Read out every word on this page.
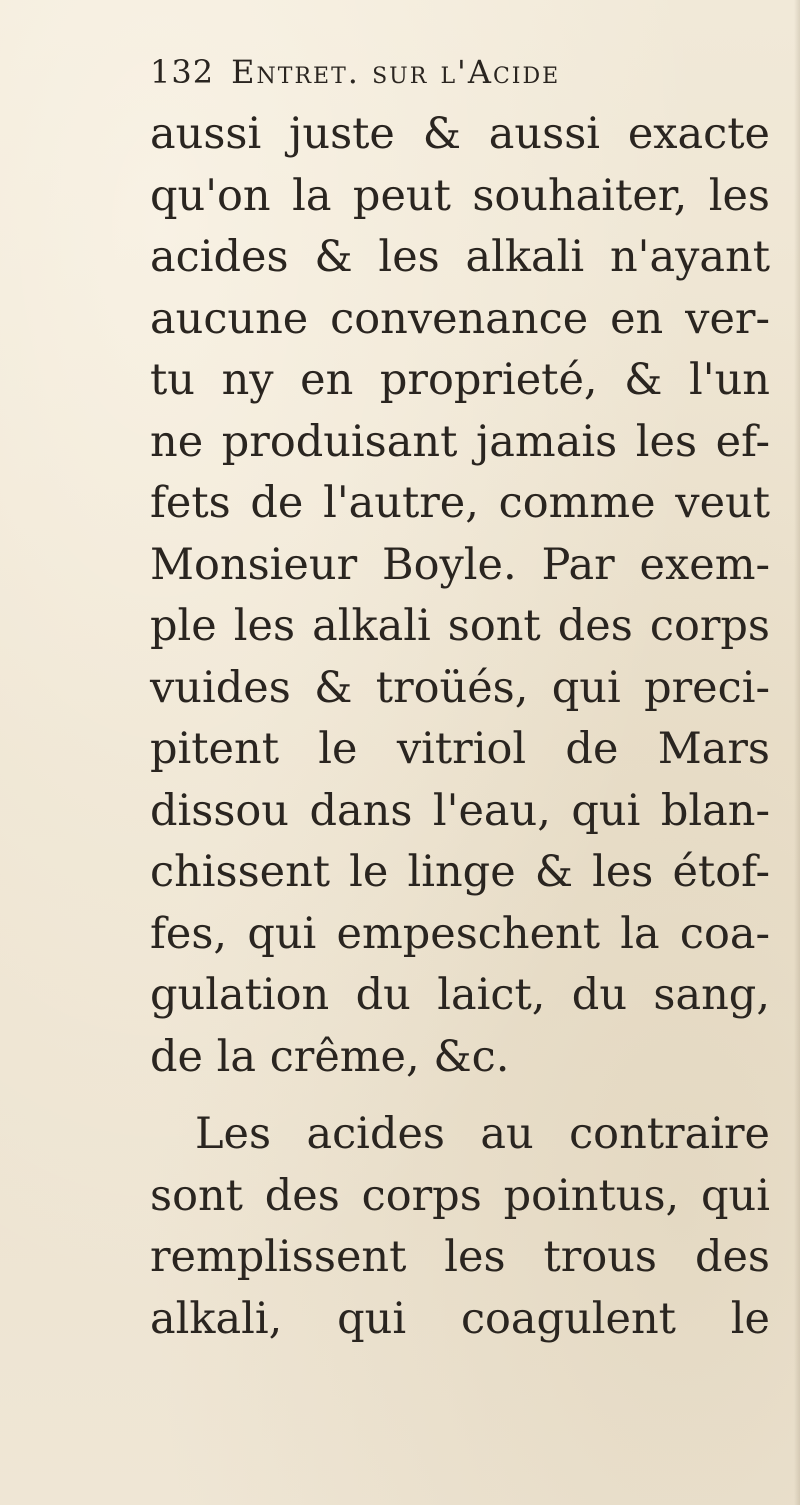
132 Entret. sur l'Acide
aussi juste & aussi exacte
qu'on la peut souhaiter, les
acides & les alkali n'ayant
aucune convenance en ver-
tu ny en proprieté, & l'un
ne produisant jamais les ef-
fets de l'autre, comme veut
Monsieur Boyle. Par exem-
ple les alkali sont des corps
vuides & troüés, qui preci-
pitent le vitriol de Mars
dissou dans l'eau, qui blan-
chissent le linge & les étof-
fes, qui empeschent la coa-
gulation du laict, du sang,
de la crême, &c.
Les acides au contraire
sont des corps pointus, qui
remplissent les trous des
alkali, qui coagulent le
